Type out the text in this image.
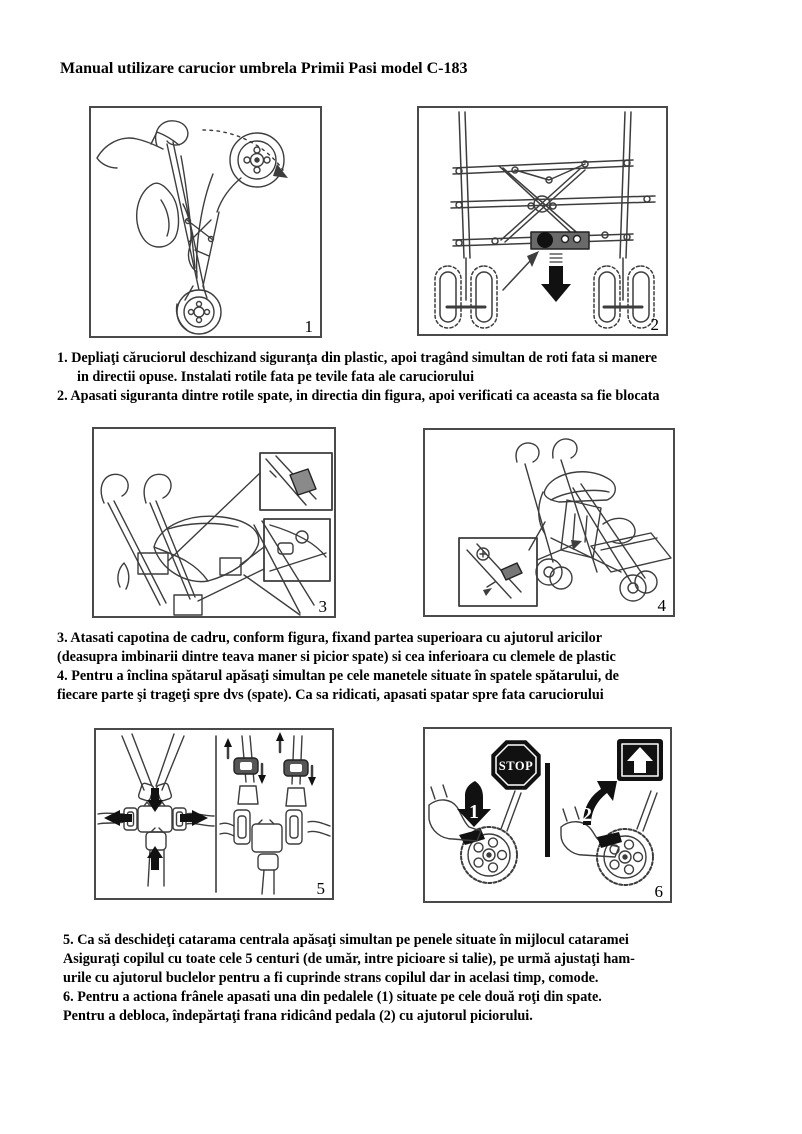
Manual utilizare carucior umbrela Primii Pasi model C-183
1	2
1. Depliaţi căruciorul deschizand siguranţa din plastic, apoi tragând simultan de roti fata si manere
in directii opuse. Instalati rotile fata pe tevile fata ale caruciorului
2. Apasati siguranta dintre rotile spate, in directia din figura, apoi verificati ca aceasta sa fie blocata
3	4
3. Atasati capotina de cadru, conform figura, fixand partea superioara cu ajutorul aricilor
(deasupra imbinarii dintre teava maner si picior spate) si cea inferioara cu clemele de plastic
4. Pentru a înclina spătarul apăsaţi simultan pe cele manetele situate în spatele spătarului, de
fiecare parte şi trageţi spre dvs (spate). Ca sa ridicati, apasati spatar spre fata caruciorului
5
STOP
1	2
6
5. Ca să deschideţi catarama centrala apăsaţi simultan pe penele situate în mijlocul cataramei
Asiguraţi copilul cu toate cele 5 centuri (de umăr, intre picioare si talie), pe urmă ajustaţi ham-
urile cu ajutorul buclelor pentru a fi cuprinde strans copilul dar in acelasi timp, comode.
6. Pentru a actiona frânele apasati una din pedalele (1) situate pe cele două roţi din spate.
Pentru a debloca, îndepărtaţi frana ridicând pedala (2) cu ajutorul piciorului.
